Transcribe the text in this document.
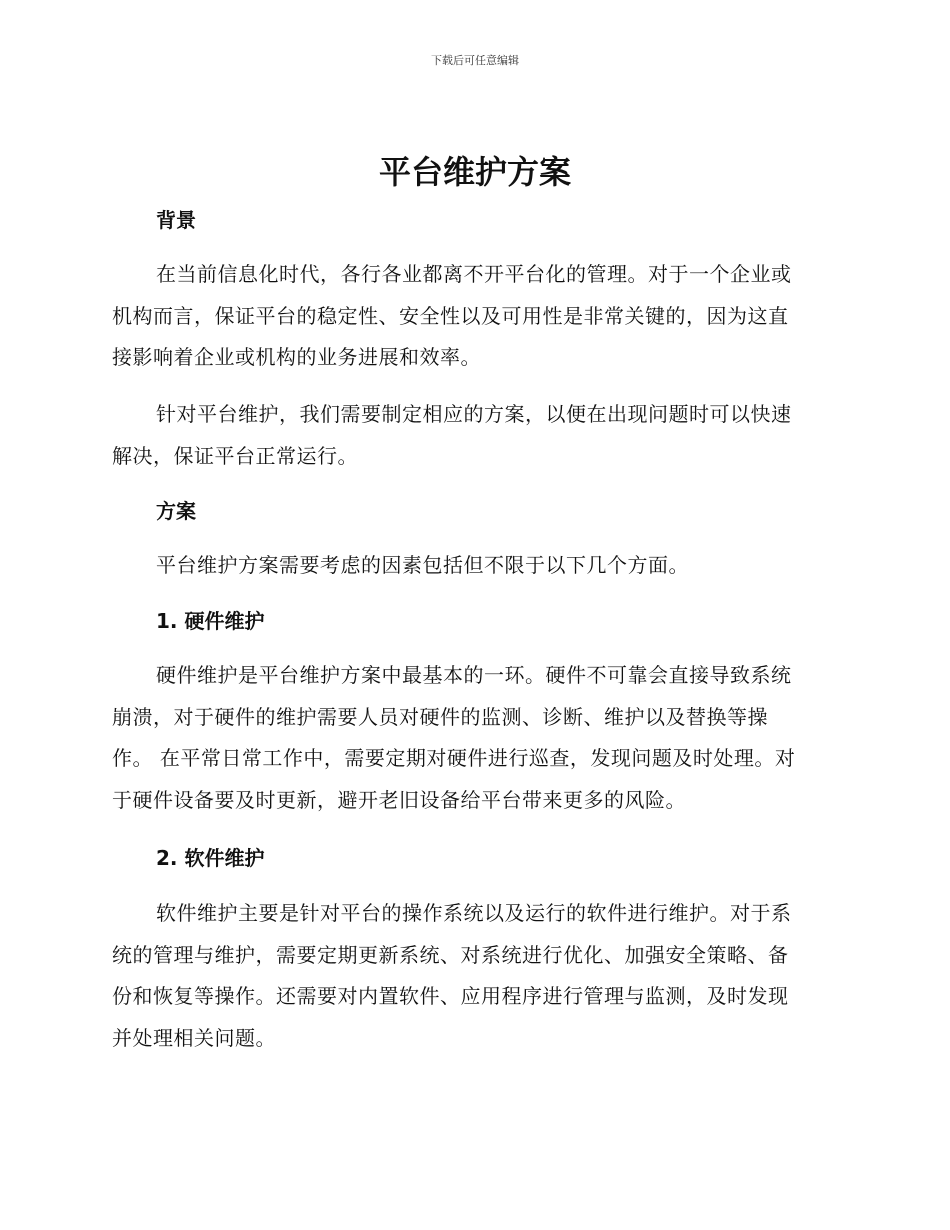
下载后可任意编辑
平台维护方案
背景

在当前信息化时代，各行各业都离不开平台化的管理。对于一个企业或
机构而言，保证平台的稳定性、安全性以及可用性是非常关键的，因为这直
接影响着企业或机构的业务进展和效率。

针对平台维护，我们需要制定相应的方案，以便在出现问题时可以快速
解决，保证平台正常运行。

方案

平台维护方案需要考虑的因素包括但不限于以下几个方面。

1. 硬件维护

硬件维护是平台维护方案中最基本的一环。硬件不可靠会直接导致系统
崩溃，对于硬件的维护需要人员对硬件的监测、诊断、维护以及替换等操
作。 在平常日常工作中，需要定期对硬件进行巡查，发现问题及时处理。对
于硬件设备要及时更新，避开老旧设备给平台带来更多的风险。

2. 软件维护

软件维护主要是针对平台的操作系统以及运行的软件进行维护。对于系
统的管理与维护，需要定期更新系统、对系统进行优化、加强安全策略、备
份和恢复等操作。还需要对内置软件、应用程序进行管理与监测，及时发现
并处理相关问题。
